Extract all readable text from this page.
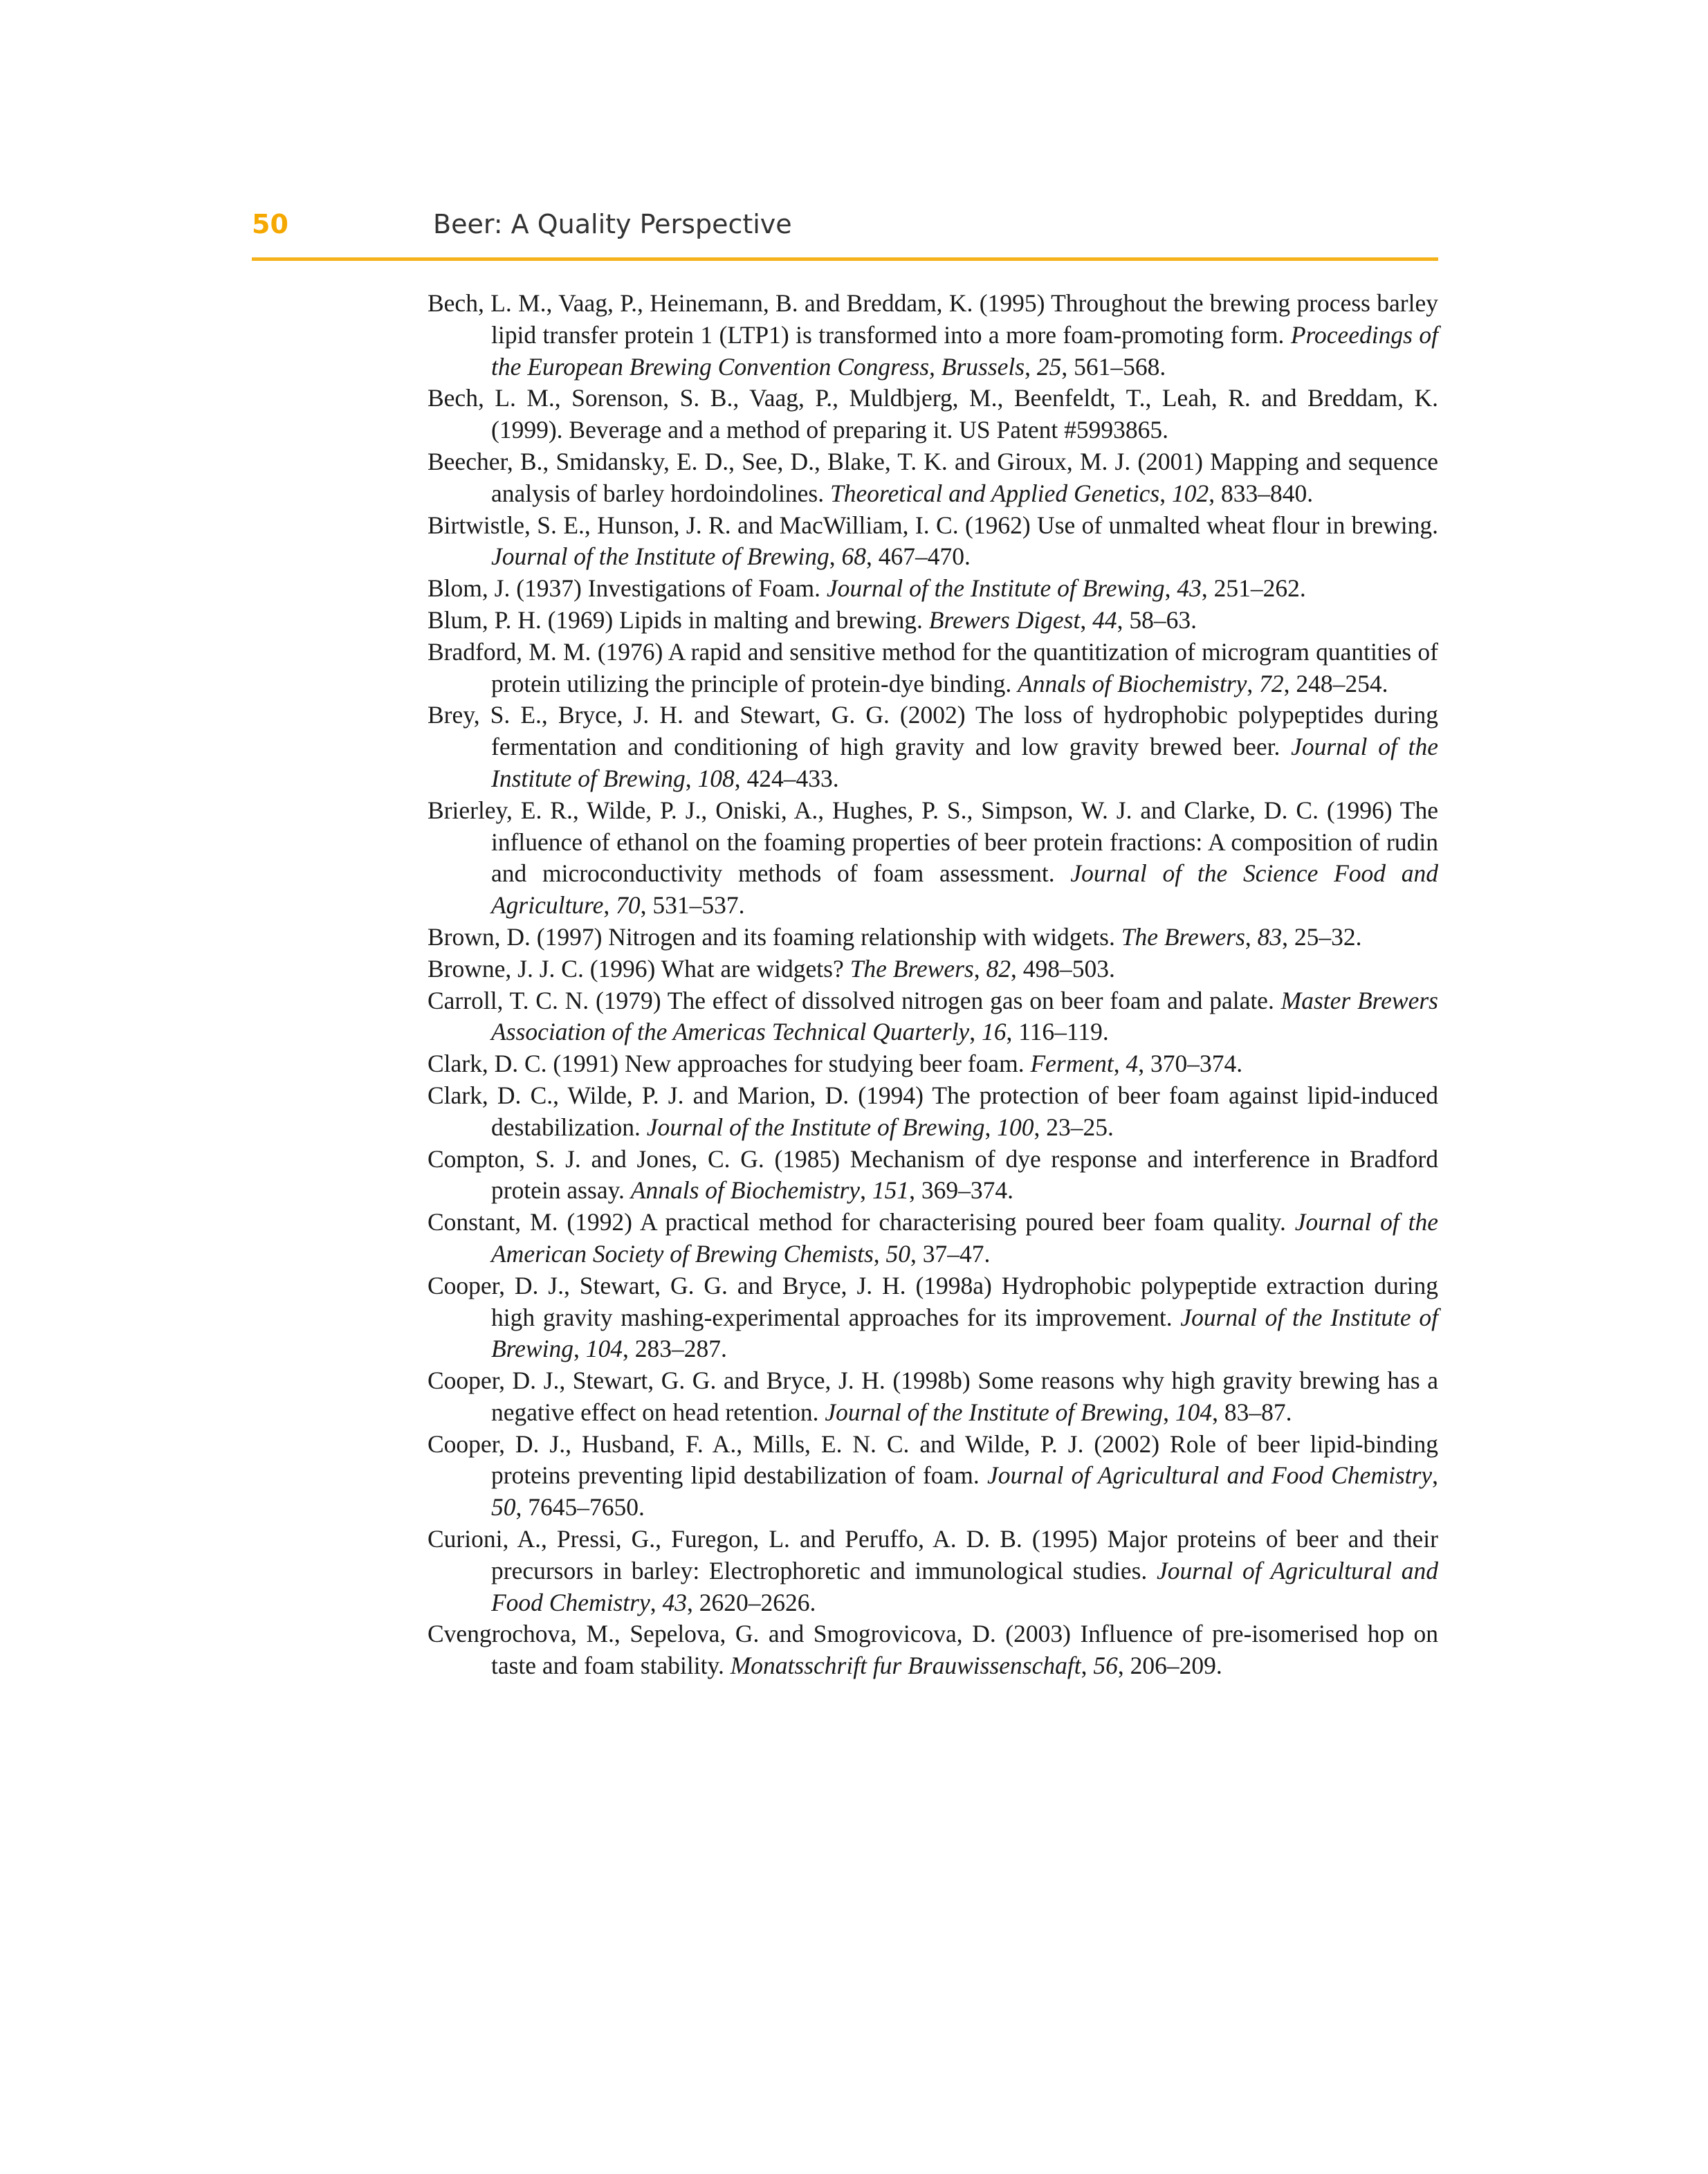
50	Beer: A Quality Perspective

Bech, L. M., Vaag, P., Heinemann, B. and Breddam, K. (1995) Throughout the brewing process barley lipid transfer protein 1 (LTP1) is transformed into a more foam-promoting form. Proceedings of the European Brewing Convention Congress, Brussels, 25, 561–568.

Bech, L. M., Sorenson, S. B., Vaag, P., Muldbjerg, M., Beenfeldt, T., Leah, R. and Breddam, K. (1999). Beverage and a method of preparing it. US Patent #5993865.

Beecher, B., Smidansky, E. D., See, D., Blake, T. K. and Giroux, M. J. (2001) Mapping and sequence analysis of barley hordoindolines. Theoretical and Applied Genetics, 102, 833–840.

Birtwistle, S. E., Hunson, J. R. and MacWilliam, I. C. (1962) Use of unmalted wheat flour in brewing. Journal of the Institute of Brewing, 68, 467–470.

Blom, J. (1937) Investigations of Foam. Journal of the Institute of Brewing, 43, 251–262.

Blum, P. H. (1969) Lipids in malting and brewing. Brewers Digest, 44, 58–63.

Bradford, M. M. (1976) A rapid and sensitive method for the quantitization of microgram quantities of protein utilizing the principle of protein-dye binding. Annals of Biochemistry, 72, 248–254.

Brey, S. E., Bryce, J. H. and Stewart, G. G. (2002) The loss of hydrophobic polypeptides during fermentation and conditioning of high gravity and low gravity brewed beer. Journal of the Institute of Brewing, 108, 424–433.

Brierley, E. R., Wilde, P. J., Oniski, A., Hughes, P. S., Simpson, W. J. and Clarke, D. C. (1996) The influence of ethanol on the foaming properties of beer protein fractions: A composition of rudin and microconductivity methods of foam assessment. Journal of the Science Food and Agriculture, 70, 531–537.

Brown, D. (1997) Nitrogen and its foaming relationship with widgets. The Brewers, 83, 25–32.

Browne, J. J. C. (1996) What are widgets? The Brewers, 82, 498–503.

Carroll, T. C. N. (1979) The effect of dissolved nitrogen gas on beer foam and palate. Master Brewers Association of the Americas Technical Quarterly, 16, 116–119.

Clark, D. C. (1991) New approaches for studying beer foam. Ferment, 4, 370–374.

Clark, D. C., Wilde, P. J. and Marion, D. (1994) The protection of beer foam against lipid-induced destabilization. Journal of the Institute of Brewing, 100, 23–25.

Compton, S. J. and Jones, C. G. (1985) Mechanism of dye response and interference in Bradford protein assay. Annals of Biochemistry, 151, 369–374.

Constant, M. (1992) A practical method for characterising poured beer foam quality. Journal of the American Society of Brewing Chemists, 50, 37–47.

Cooper, D. J., Stewart, G. G. and Bryce, J. H. (1998a) Hydrophobic polypeptide extraction during high gravity mashing-experimental approaches for its improvement. Journal of the Institute of Brewing, 104, 283–287.

Cooper, D. J., Stewart, G. G. and Bryce, J. H. (1998b) Some reasons why high gravity brewing has a negative effect on head retention. Journal of the Institute of Brewing, 104, 83–87.

Cooper, D. J., Husband, F. A., Mills, E. N. C. and Wilde, P. J. (2002) Role of beer lipid-binding proteins preventing lipid destabilization of foam. Journal of Agricultural and Food Chemistry, 50, 7645–7650.

Curioni, A., Pressi, G., Furegon, L. and Peruffo, A. D. B. (1995) Major proteins of beer and their precursors in barley: Electrophoretic and immunological studies. Journal of Agricultural and Food Chemistry, 43, 2620–2626.

Cvengrochova, M., Sepelova, G. and Smogrovicova, D. (2003) Influence of pre-isomerised hop on taste and foam stability. Monatsschrift fur Brauwissenschaft, 56, 206–209.
